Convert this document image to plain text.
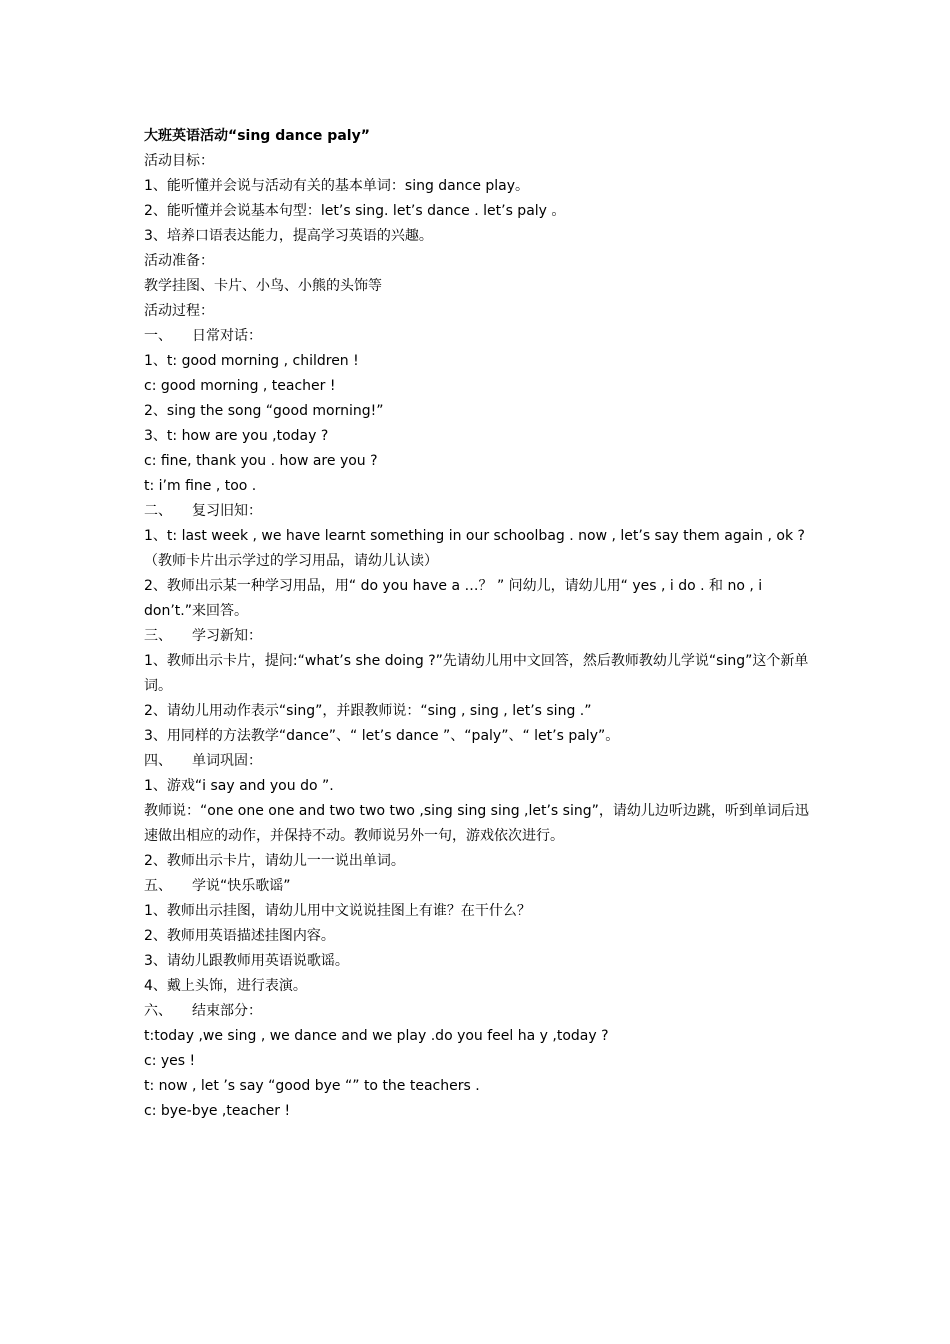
大班英语活动“sing dance paly”
活动目标：
1、能听懂并会说与活动有关的基本单词：sing dance play。
2、能听懂并会说基本句型：let’s sing. let’s dance . let’s paly 。
3、培养口语表达能力，提高学习英语的兴趣。
活动准备：
教学挂图、卡片、小鸟、小熊的头饰等
活动过程：
一、	日常对话：
1、t: good morning , children !
c: good morning , teacher !
2、sing the song “good morning!”
3、t: how are you ,today ?
c: fine, thank you . how are you ?
t: i’m fine , too .
二、	复习旧知：
1、t: last week , we have learnt something in our schoolbag . now , let’s say them again , ok ?
（教师卡片出示学过的学习用品，请幼儿认读）
2、教师出示某一种学习用品，用“ do you have a …？ ” 问幼儿，请幼儿用“ yes , i do . 和 no , i don’t.”来回答。
三、	学习新知：
1、教师出示卡片，提问:“what’s she doing ?”先请幼儿用中文回答，然后教师教幼儿学说“sing”这个新单词。
2、请幼儿用动作表示“sing”，并跟教师说：“sing , sing , let’s sing .”
3、用同样的方法教学“dance”、“ let’s dance ”、“paly”、“ let’s paly”。
四、	单词巩固：
1、游戏“i say and you do ”.
教师说：“one one one and two two two ,sing sing sing ,let’s sing”，请幼儿边听边跳，听到单词后迅速做出相应的动作，并保持不动。教师说另外一句，游戏依次进行。
2、教师出示卡片，请幼儿一一说出单词。
五、	学说“快乐歌谣”
1、教师出示挂图，请幼儿用中文说说挂图上有谁？在干什么？
2、教师用英语描述挂图内容。
3、请幼儿跟教师用英语说歌谣。
4、戴上头饰，进行表演。
六、	结束部分：
t:today ,we sing , we dance and we play .do you feel ha y ,today ?
c: yes !
t: now , let ’s say “good bye “” to the teachers .
c: bye-bye ,teacher !
